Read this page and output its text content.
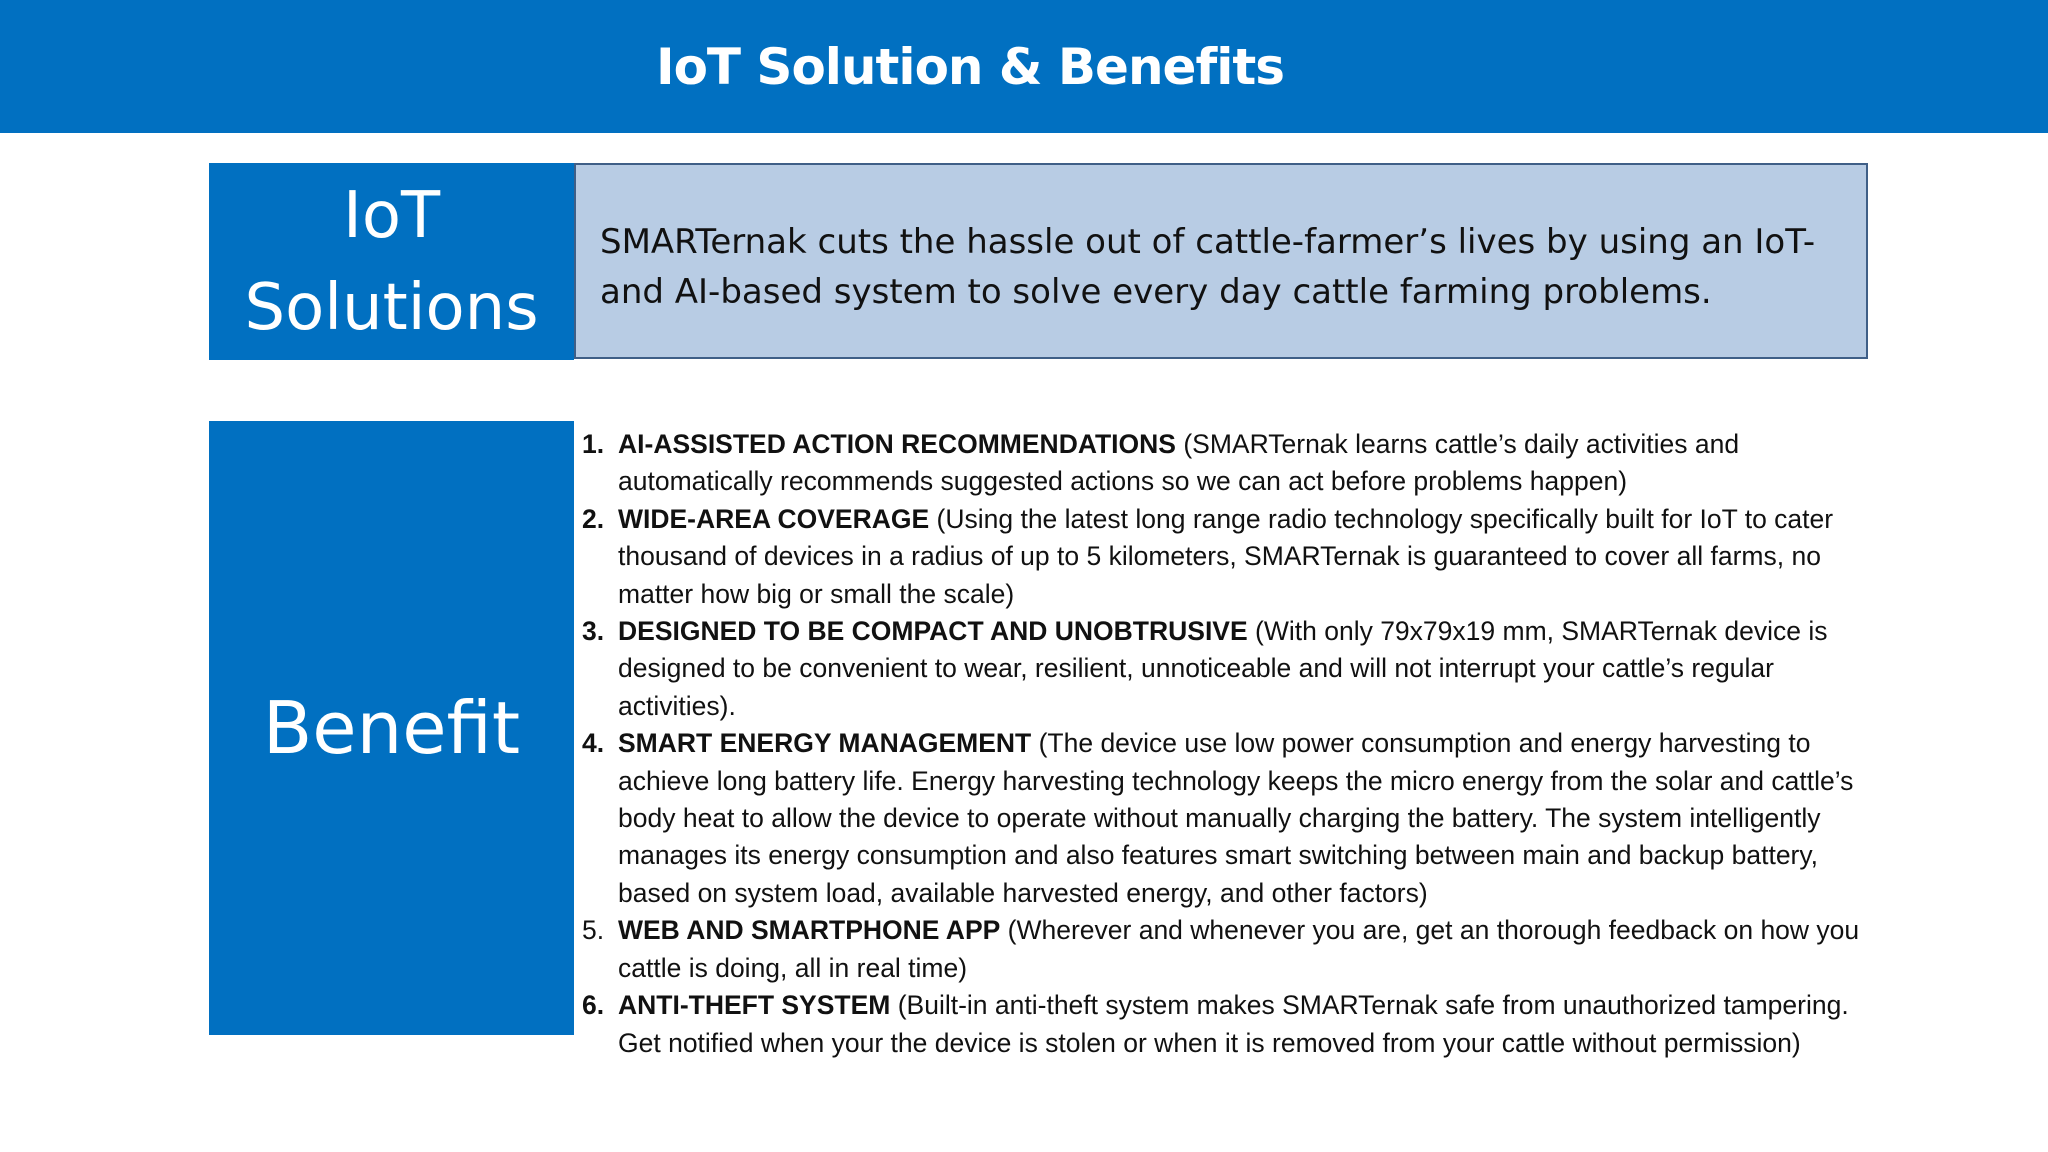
IoT Solution & Benefits
IoT
Solutions
SMARTernak cuts the hassle out of cattle-farmer’s lives by using an IoT- and AI-based system to solve every day cattle farming problems.
Benefit
1. AI-ASSISTED ACTION RECOMMENDATIONS (SMARTernak learns cattle’s daily activities and automatically recommends suggested actions so we can act before problems happen)
2. WIDE-AREA COVERAGE (Using the latest long range radio technology specifically built for IoT to cater thousand of devices in a radius of up to 5 kilometers, SMARTernak is guaranteed to cover all farms, no matter how big or small the scale)
3. DESIGNED TO BE COMPACT AND UNOBTRUSIVE (With only 79x79x19 mm, SMARTernak device is designed to be convenient to wear, resilient, unnoticeable and will not interrupt your cattle’s regular activities).
4. SMART ENERGY MANAGEMENT (The device use low power consumption and energy harvesting to achieve long battery life. Energy harvesting technology keeps the micro energy from the solar and cattle’s body heat to allow the device to operate without manually charging the battery. The system intelligently manages its energy consumption and also features smart switching between main and backup battery, based on system load, available harvested energy, and other factors)
5. WEB AND SMARTPHONE APP (Wherever and whenever you are, get an thorough feedback on how you cattle is doing, all in real time)
6. ANTI-THEFT SYSTEM (Built-in anti-theft system makes SMARTernak safe from unauthorized tampering. Get notified when your the device is stolen or when it is removed from your cattle without permission)
